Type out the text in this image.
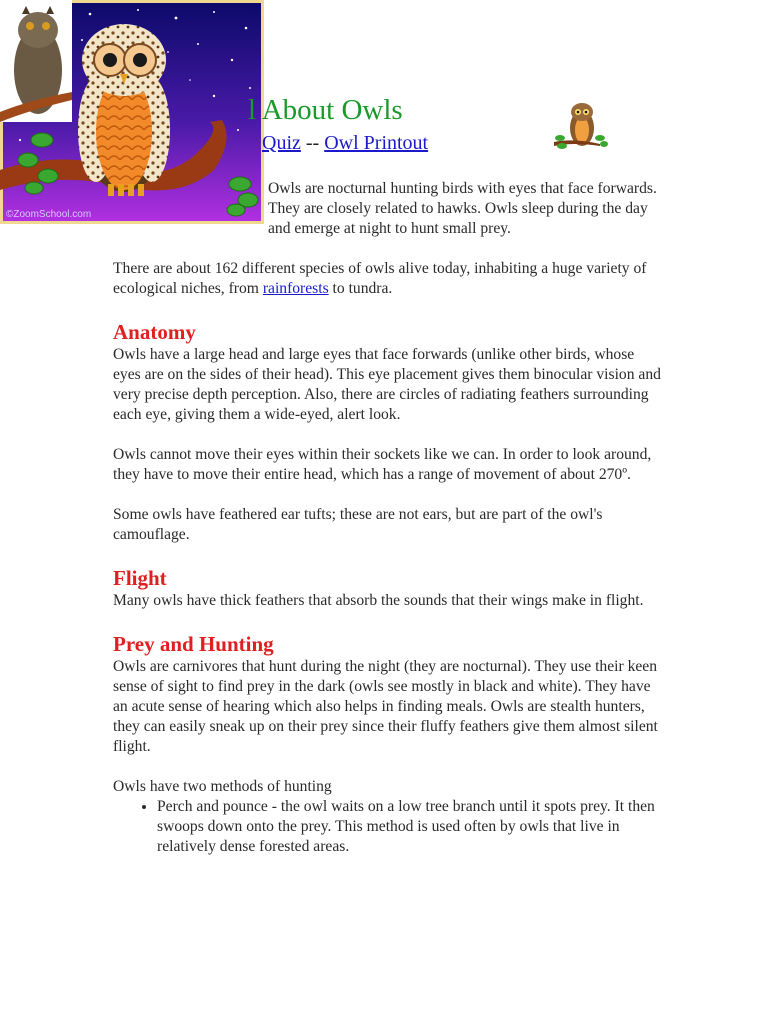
©ZoomSchool.com
l About Owls
Quiz -- Owl Printout

Owls are nocturnal hunting birds with eyes that face forwards. They are closely related to hawks. Owls sleep during the day and emerge at night to hunt small prey.

There are about 162 different species of owls alive today, inhabiting a huge variety of ecological niches, from rainforests to tundra.

Anatomy

Owls have a large head and large eyes that face forwards (unlike other birds, whose eyes are on the sides of their head). This eye placement gives them binocular vision and very precise depth perception. Also, there are circles of radiating feathers surrounding each eye, giving them a wide-eyed, alert look.

Owls cannot move their eyes within their sockets like we can. In order to look around, they have to move their entire head, which has a range of movement of about 270º.

Some owls have feathered ear tufts; these are not ears, but are part of the owl's camouflage.

Flight

Many owls have thick feathers that absorb the sounds that their wings make in flight.

Prey and Hunting

Owls are carnivores that hunt during the night (they are nocturnal). They use their keen sense of sight to find prey in the dark (owls see mostly in black and white). They have an acute sense of hearing which also helps in finding meals. Owls are stealth hunters, they can easily sneak up on their prey since their fluffy feathers give them almost silent flight.

Owls have two methods of hunting

• Perch and pounce - the owl waits on a low tree branch until it spots prey. It then swoops down onto the prey. This method is used often by owls that live in relatively dense forested areas.
